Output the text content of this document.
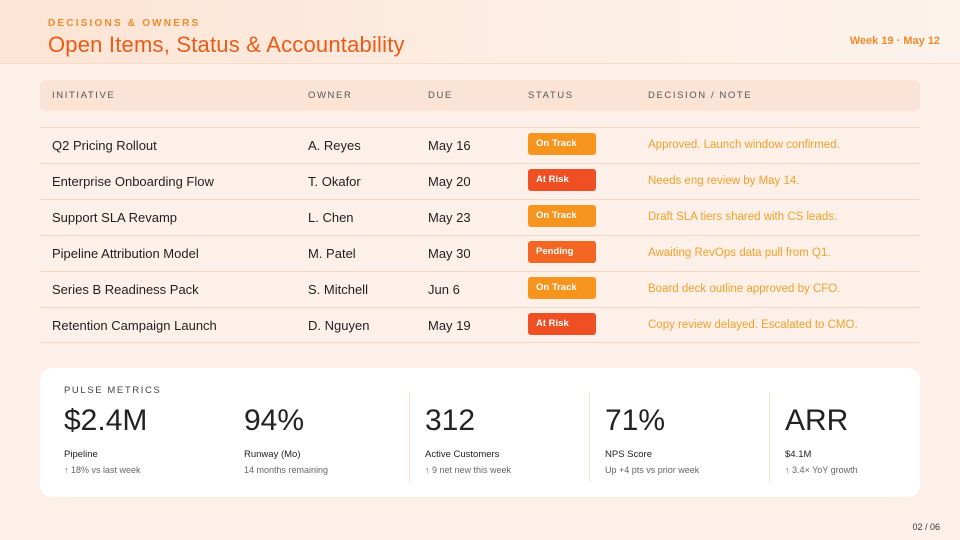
DECISIONS & OWNERS
Open Items, Status & Accountability	Week 19 · May 12
INITIATIVE	OWNER	DUE	STATUS	DECISION / NOTE
Q2 Pricing Rollout	A. Reyes	May 16	On Track	Approved. Launch window confirmed.
Enterprise Onboarding Flow	T. Okafor	May 20	At Risk	Needs eng review by May 14.
Support SLA Revamp	L. Chen	May 23	On Track	Draft SLA tiers shared with CS leads.
Pipeline Attribution Model	M. Patel	May 30	Pending	Awaiting RevOps data pull from Q1.
Series B Readiness Pack	S. Mitchell	Jun 6	On Track	Board deck outline approved by CFO.
Retention Campaign Launch	D. Nguyen	May 19	At Risk	Copy review delayed. Escalated to CMO.
PULSE METRICS
$2.4M
Pipeline
↑ 18% vs last week
94%
Runway (Mo)
14 months remaining
312
Active Customers
↑ 9 net new this week
71%
NPS Score
Up +4 pts vs prior week
ARR
$4.1M
↑ 3.4× YoY growth
02 / 06
